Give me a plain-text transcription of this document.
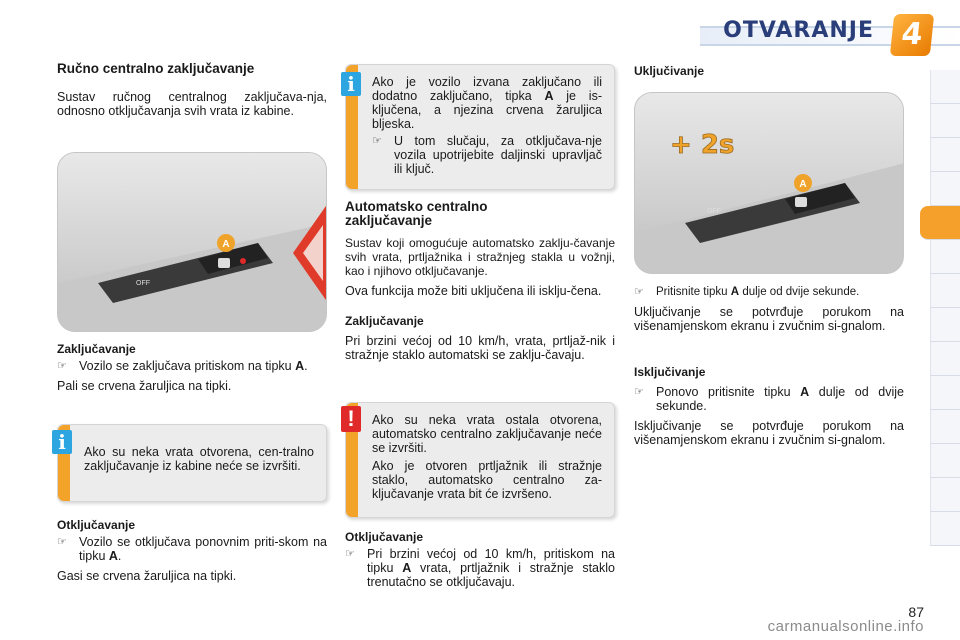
OTVARANJE 4
Ručno centralno zaključavanje
Sustav ručnog centralnog zaključava-nja, odnosno otključavanja svih vrata iz kabine.
A
OFF
Zaključavanje
☞ Vozilo se zaključava pritiskom na tipku A.
Pali se crvena žaruljica na tipki.
Ako su neka vrata otvorena, cen-tralno zaključavanje iz kabine neće se izvršiti.
i
Otključavanje
☞ Vozilo se otključava ponovnim priti-skom na tipku A.
Gasi se crvena žaruljica na tipki.
Ako je vozilo izvana zaključano ili dodatno zaključano, tipka A je is-ključena, a njezina crvena žaruljica bljeska.
☞ U tom slučaju, za otključava-nje vozila upotrijebite daljinski upravljač ili ključ.
i
Automatsko centralno zaključavanje
Sustav koji omogućuje automatsko zaklju-čavanje svih vrata, prtljažnika i stražnjeg stakla u vožnji, kao i njihovo otključavanje.
Ova funkcija može biti uključena ili isklju-čena.
Zaključavanje
Pri brzini većoj od 10 km/h, vrata, prtljaž-nik i stražnje staklo automatski se zaklju-čavaju.
Ako su neka vrata ostala otvorena, automatsko centralno zaključavanje neće se izvršiti.
Ako je otvoren prtljažnik ili stražnje staklo, automatsko centralno za-ključavanje vrata bit će izvršeno.
!
Otključavanje
☞ Pri brzini većoj od 10 km/h, pritiskom na tipku A vrata, prtljažnik i stražnje staklo trenutačno se otključavaju.
Uključivanje
A
OFF
+ 2s
☞	Pritisnite tipku A dulje od dvije sekunde.
Uključivanje se potvrđuje porukom na višenamjenskom ekranu i zvučnim si-gnalom.
Isključivanje
☞ Ponovo pritisnite tipku A dulje od dvije sekunde.
Isključivanje se potvrđuje porukom na višenamjenskom ekranu i zvučnim si-gnalom.
87
carmanualsonline.info
